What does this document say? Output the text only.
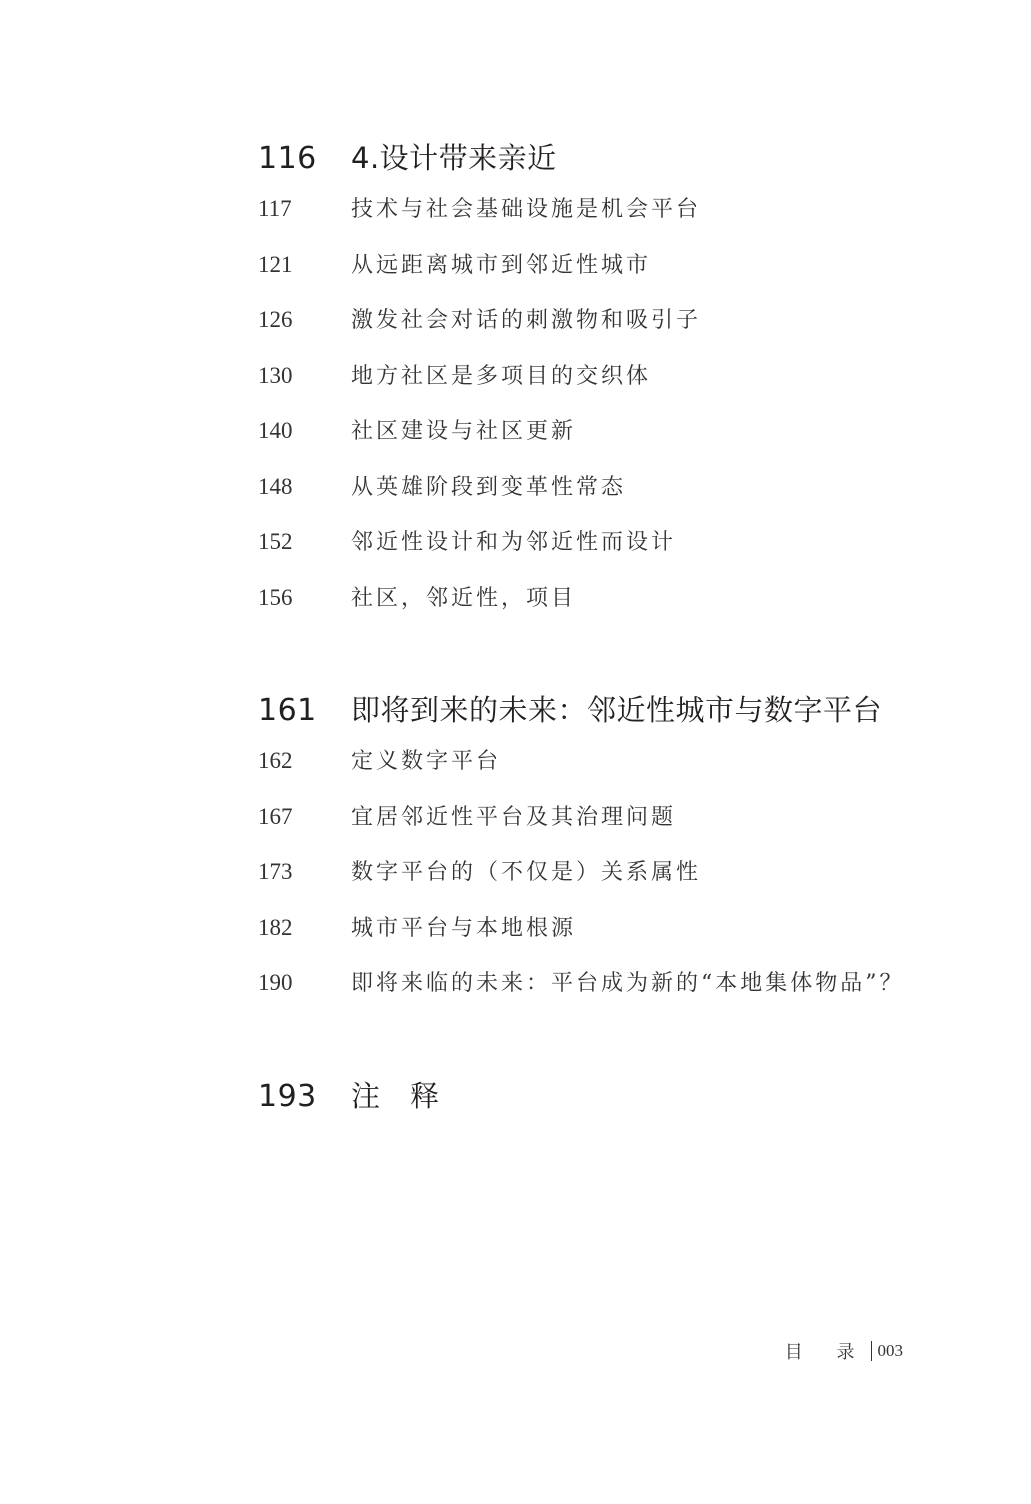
116	4.设计带来亲近
117	技术与社会基础设施是机会平台
121	从远距离城市到邻近性城市
126	激发社会对话的刺激物和吸引子
130	地方社区是多项目的交织体
140	社区建设与社区更新
148	从英雄阶段到变革性常态
152	邻近性设计和为邻近性而设计
156	社区，邻近性，项目
161	即将到来的未来：邻近性城市与数字平台
162	定义数字平台
167	宜居邻近性平台及其治理问题
173	数字平台的（不仅是）关系属性
182	城市平台与本地根源
190	即将来临的未来：平台成为新的“本地集体物品”？
193	注　释
目 录 003
